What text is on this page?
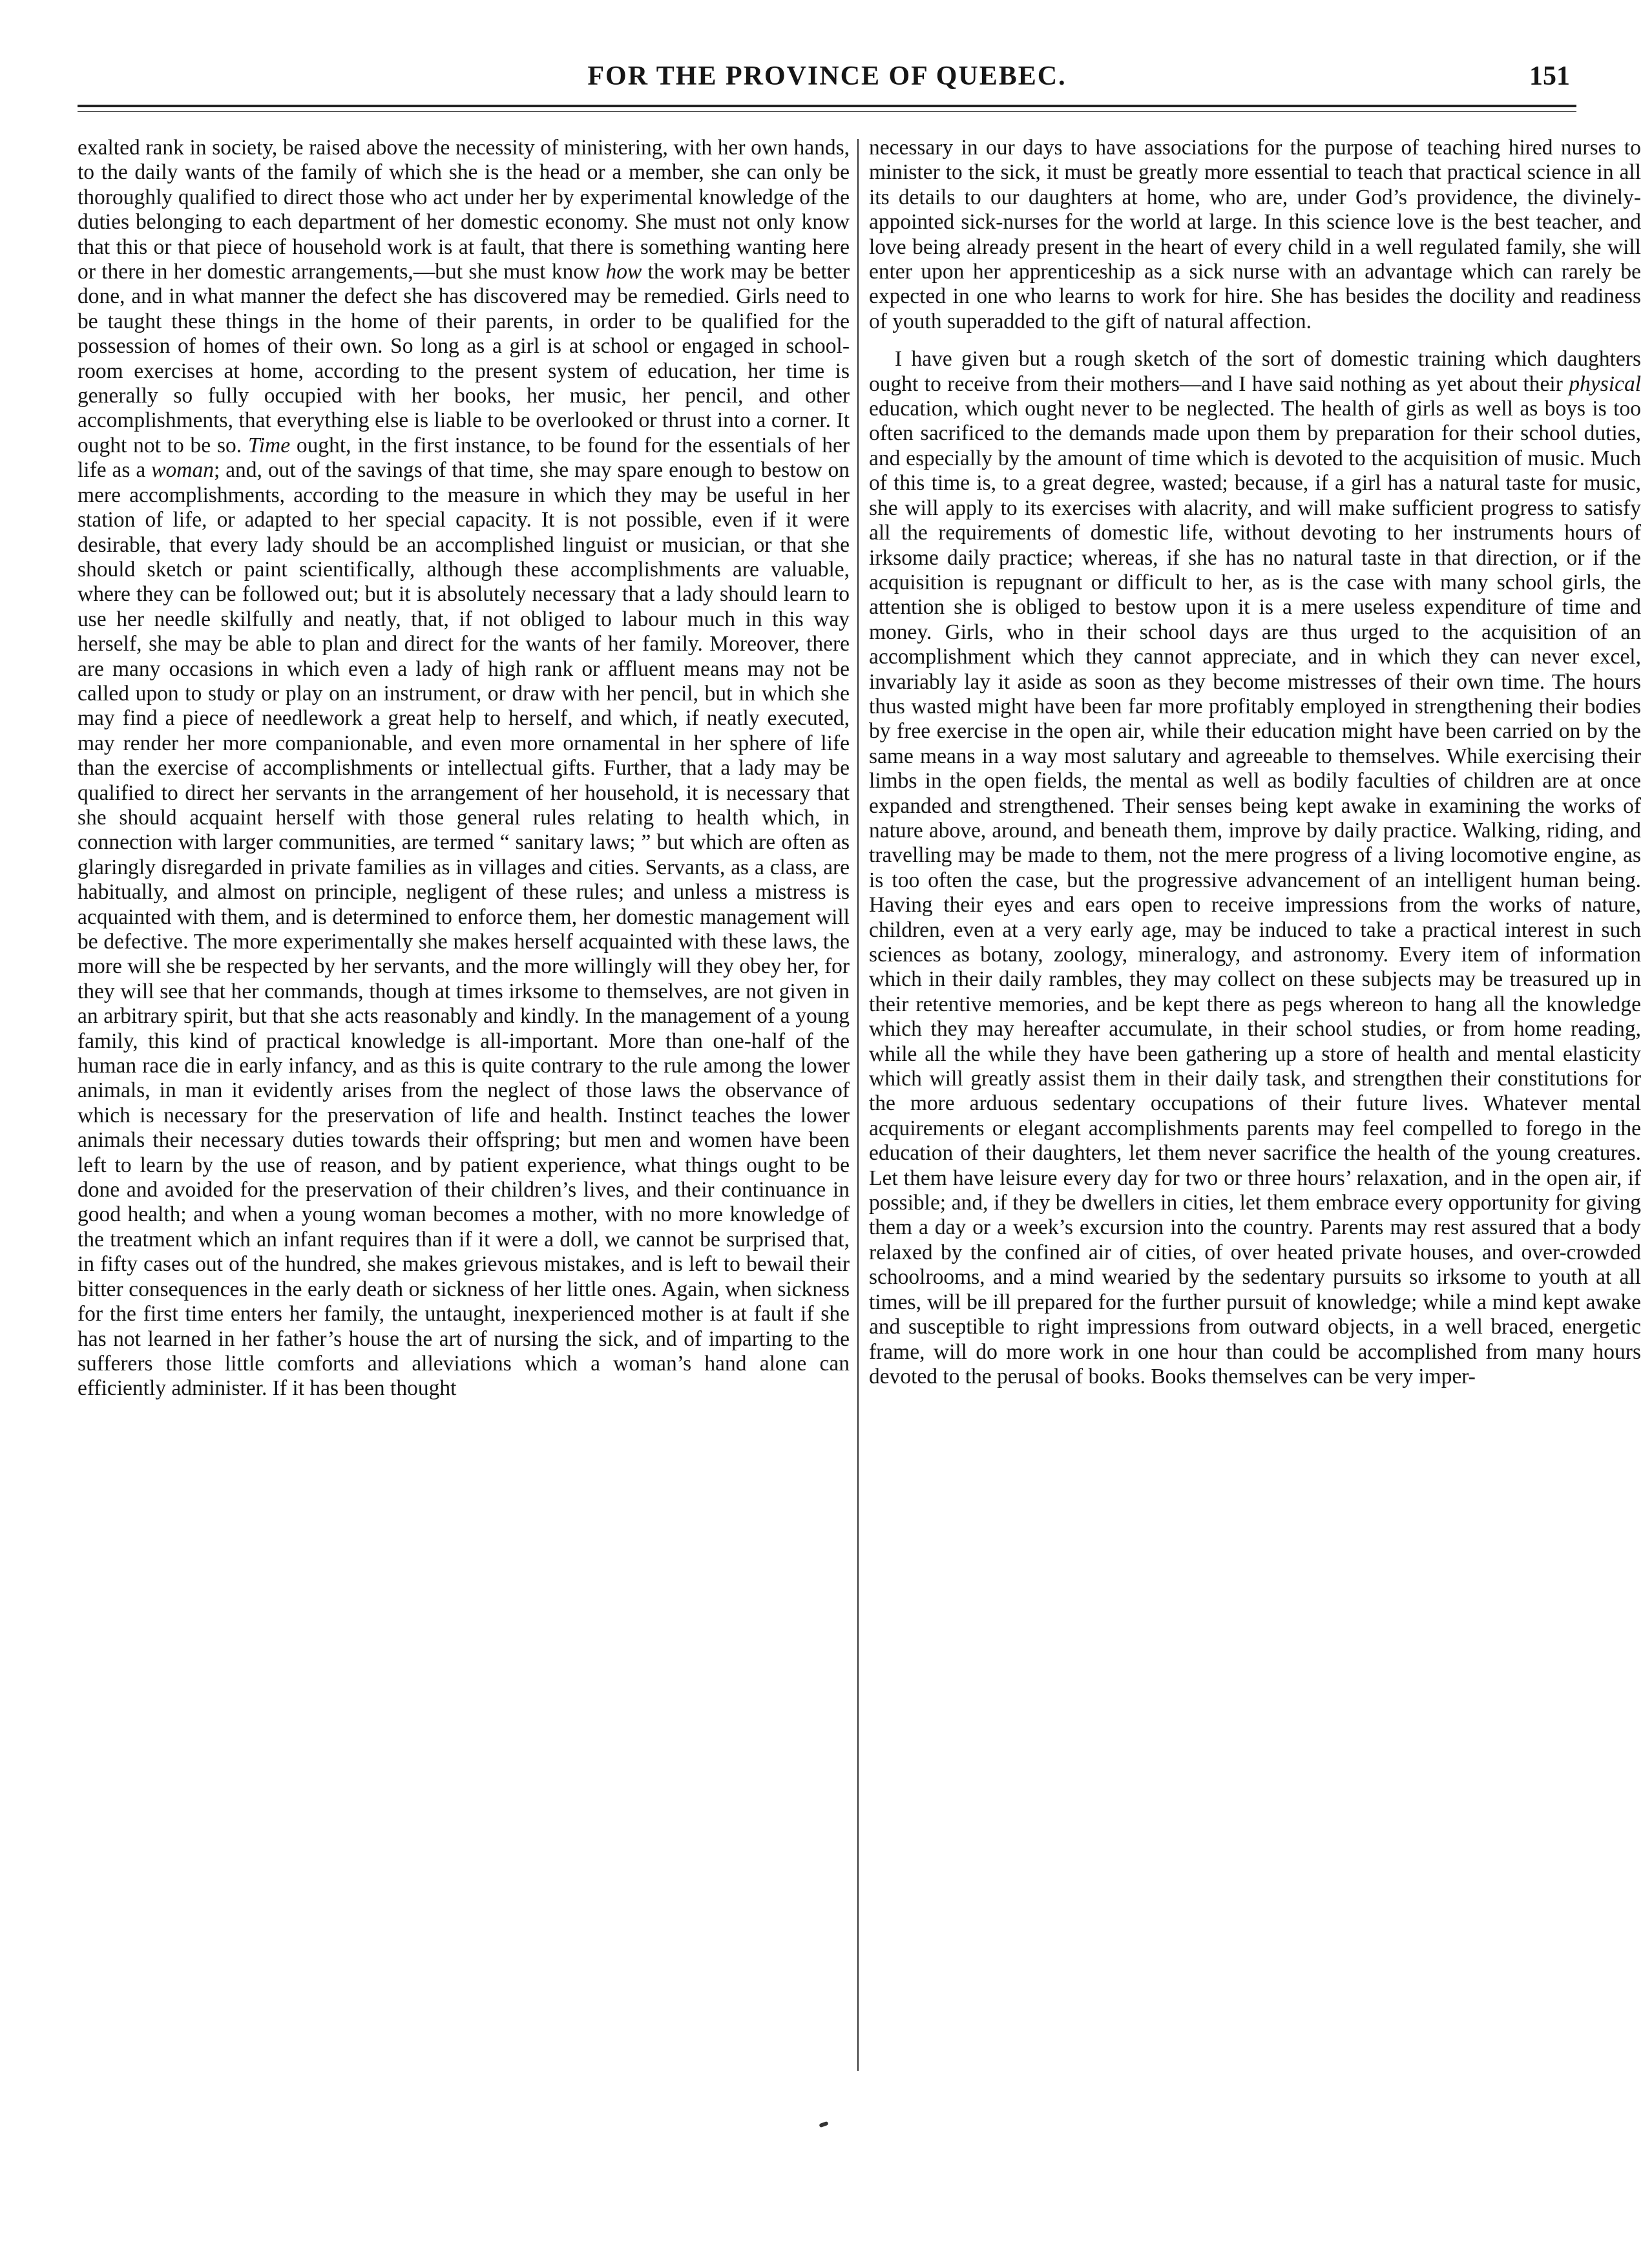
FOR THE PROVINCE OF QUEBEC.	151

exalted rank in society, be raised above the necessity of ministering, with her own hands, to the daily wants of the family of which she is the head or a member, she can only be thoroughly qualified to direct those who act under her by experimental knowledge of the duties belonging to each department of her domestic economy. She must not only know that this or that piece of household work is at fault, that there is something wanting here or there in her domestic arrangements,—but she must know how the work may be better done, and in what manner the defect she has discovered may be remedied. Girls need to be taught these things in the home of their parents, in order to be qualified for the possession of homes of their own. So long as a girl is at school or engaged in school-room exercises at home, according to the present system of education, her time is generally so fully occupied with her books, her music, her pencil, and other accomplishments, that everything else is liable to be overlooked or thrust into a corner. It ought not to be so. Time ought, in the first instance, to be found for the essentials of her life as a woman; and, out of the savings of that time, she may spare enough to bestow on mere accomplishments, according to the measure in which they may be useful in her station of life, or adapted to her special capacity. It is not possible, even if it were desirable, that every lady should be an accomplished linguist or musician, or that she should sketch or paint scientifically, although these accomplishments are valuable, where they can be followed out; but it is absolutely necessary that a lady should learn to use her needle skilfully and neatly, that, if not obliged to labour much in this way herself, she may be able to plan and direct for the wants of her family. Moreover, there are many occasions in which even a lady of high rank or affluent means may not be called upon to study or play on an instrument, or draw with her pencil, but in which she may find a piece of needlework a great help to herself, and which, if neatly executed, may render her more companionable, and even more ornamental in her sphere of life than the exercise of accomplishments or intellectual gifts. Further, that a lady may be qualified to direct her servants in the arrangement of her household, it is necessary that she should acquaint herself with those general rules relating to health which, in connection with larger communities, are termed “ sanitary laws; ” but which are often as glaringly disregarded in private families as in villages and cities. Servants, as a class, are habitually, and almost on principle, negligent of these rules; and unless a mistress is acquainted with them, and is determined to enforce them, her domestic management will be defective. The more experimentally she makes herself acquainted with these laws, the more will she be respected by her servants, and the more willingly will they obey her, for they will see that her commands, though at times irksome to themselves, are not given in an arbitrary spirit, but that she acts reasonably and kindly. In the management of a young family, this kind of practical knowledge is all-important. More than one-half of the human race die in early infancy, and as this is quite contrary to the rule among the lower animals, in man it evidently arises from the neglect of those laws the observance of which is necessary for the preservation of life and health. Instinct teaches the lower animals their necessary duties towards their offspring; but men and women have been left to learn by the use of reason, and by patient experience, what things ought to be done and avoided for the preservation of their children’s lives, and their continuance in good health; and when a young woman becomes a mother, with no more knowledge of the treatment which an infant requires than if it were a doll, we cannot be surprised that, in fifty cases out of the hundred, she makes grievous mistakes, and is left to bewail their bitter consequences in the early death or sickness of her little ones. Again, when sickness for the first time enters her family, the untaught, inexperienced mother is at fault if she has not learned in her father’s house the art of nursing the sick, and of imparting to the sufferers those little comforts and alleviations which a woman’s hand alone can efficiently administer. If it has been thought

necessary in our days to have associations for the purpose of teaching hired nurses to minister to the sick, it must be greatly more essential to teach that practical science in all its details to our daughters at home, who are, under God’s providence, the divinely-appointed sick-nurses for the world at large. In this science love is the best teacher, and love being already present in the heart of every child in a well regulated family, she will enter upon her apprenticeship as a sick nurse with an advantage which can rarely be expected in one who learns to work for hire. She has besides the docility and readiness of youth superadded to the gift of natural affection.

I have given but a rough sketch of the sort of domestic training which daughters ought to receive from their mothers—and I have said nothing as yet about their physical education, which ought never to be neglected. The health of girls as well as boys is too often sacrificed to the demands made upon them by preparation for their school duties, and especially by the amount of time which is devoted to the acquisition of music. Much of this time is, to a great degree, wasted; because, if a girl has a natural taste for music, she will apply to its exercises with alacrity, and will make sufficient progress to satisfy all the requirements of domestic life, without devoting to her instruments hours of irksome daily practice; whereas, if she has no natural taste in that direction, or if the acquisition is repugnant or difficult to her, as is the case with many school girls, the attention she is obliged to bestow upon it is a mere useless expenditure of time and money. Girls, who in their school days are thus urged to the acquisition of an accomplishment which they cannot appreciate, and in which they can never excel, invariably lay it aside as soon as they become mistresses of their own time. The hours thus wasted might have been far more profitably employed in strengthening their bodies by free exercise in the open air, while their education might have been carried on by the same means in a way most salutary and agreeable to themselves. While exercising their limbs in the open fields, the mental as well as bodily faculties of children are at once expanded and strengthened. Their senses being kept awake in examining the works of nature above, around, and beneath them, improve by daily practice. Walking, riding, and travelling may be made to them, not the mere progress of a living locomotive engine, as is too often the case, but the progressive advancement of an intelligent human being. Having their eyes and ears open to receive impressions from the works of nature, children, even at a very early age, may be induced to take a practical interest in such sciences as botany, zoology, mineralogy, and astronomy. Every item of information which in their daily rambles, they may collect on these subjects may be treasured up in their retentive memories, and be kept there as pegs whereon to hang all the knowledge which they may hereafter accumulate, in their school studies, or from home reading, while all the while they have been gathering up a store of health and mental elasticity which will greatly assist them in their daily task, and strengthen their constitutions for the more arduous sedentary occupations of their future lives. Whatever mental acquirements or elegant accomplishments parents may feel compelled to forego in the education of their daughters, let them never sacrifice the health of the young creatures. Let them have leisure every day for two or three hours’ relaxation, and in the open air, if possible; and, if they be dwellers in cities, let them embrace every opportunity for giving them a day or a week’s excursion into the country. Parents may rest assured that a body relaxed by the confined air of cities, of over heated private houses, and over-crowded schoolrooms, and a mind wearied by the sedentary pursuits so irksome to youth at all times, will be ill prepared for the further pursuit of knowledge; while a mind kept awake and susceptible to right impressions from outward objects, in a well braced, energetic frame, will do more work in one hour than could be accomplished from many hours devoted to the perusal of books. Books themselves can be very imper-
